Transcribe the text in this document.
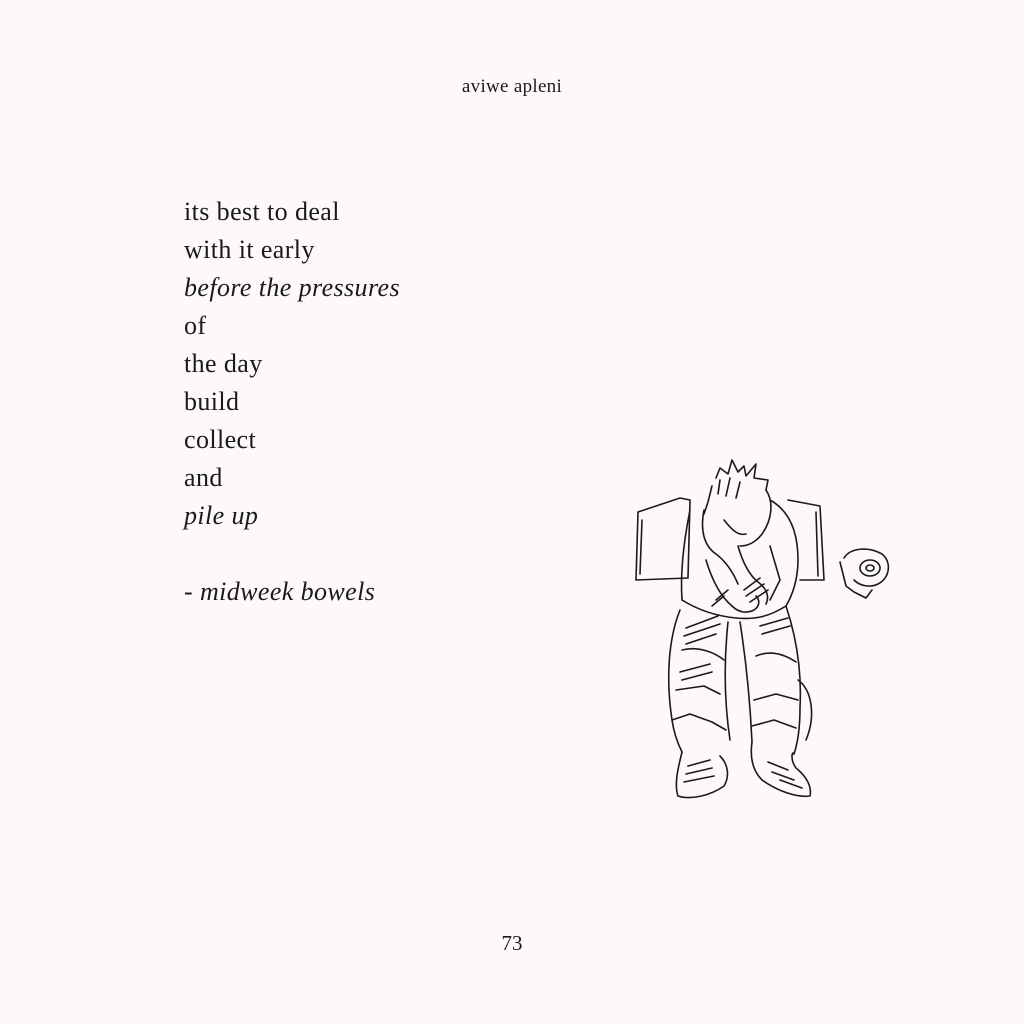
aviwe apleni
its best to deal
with it early
before the pressures
of
the day
build
collect
and
pile up
- midweek bowels
73
